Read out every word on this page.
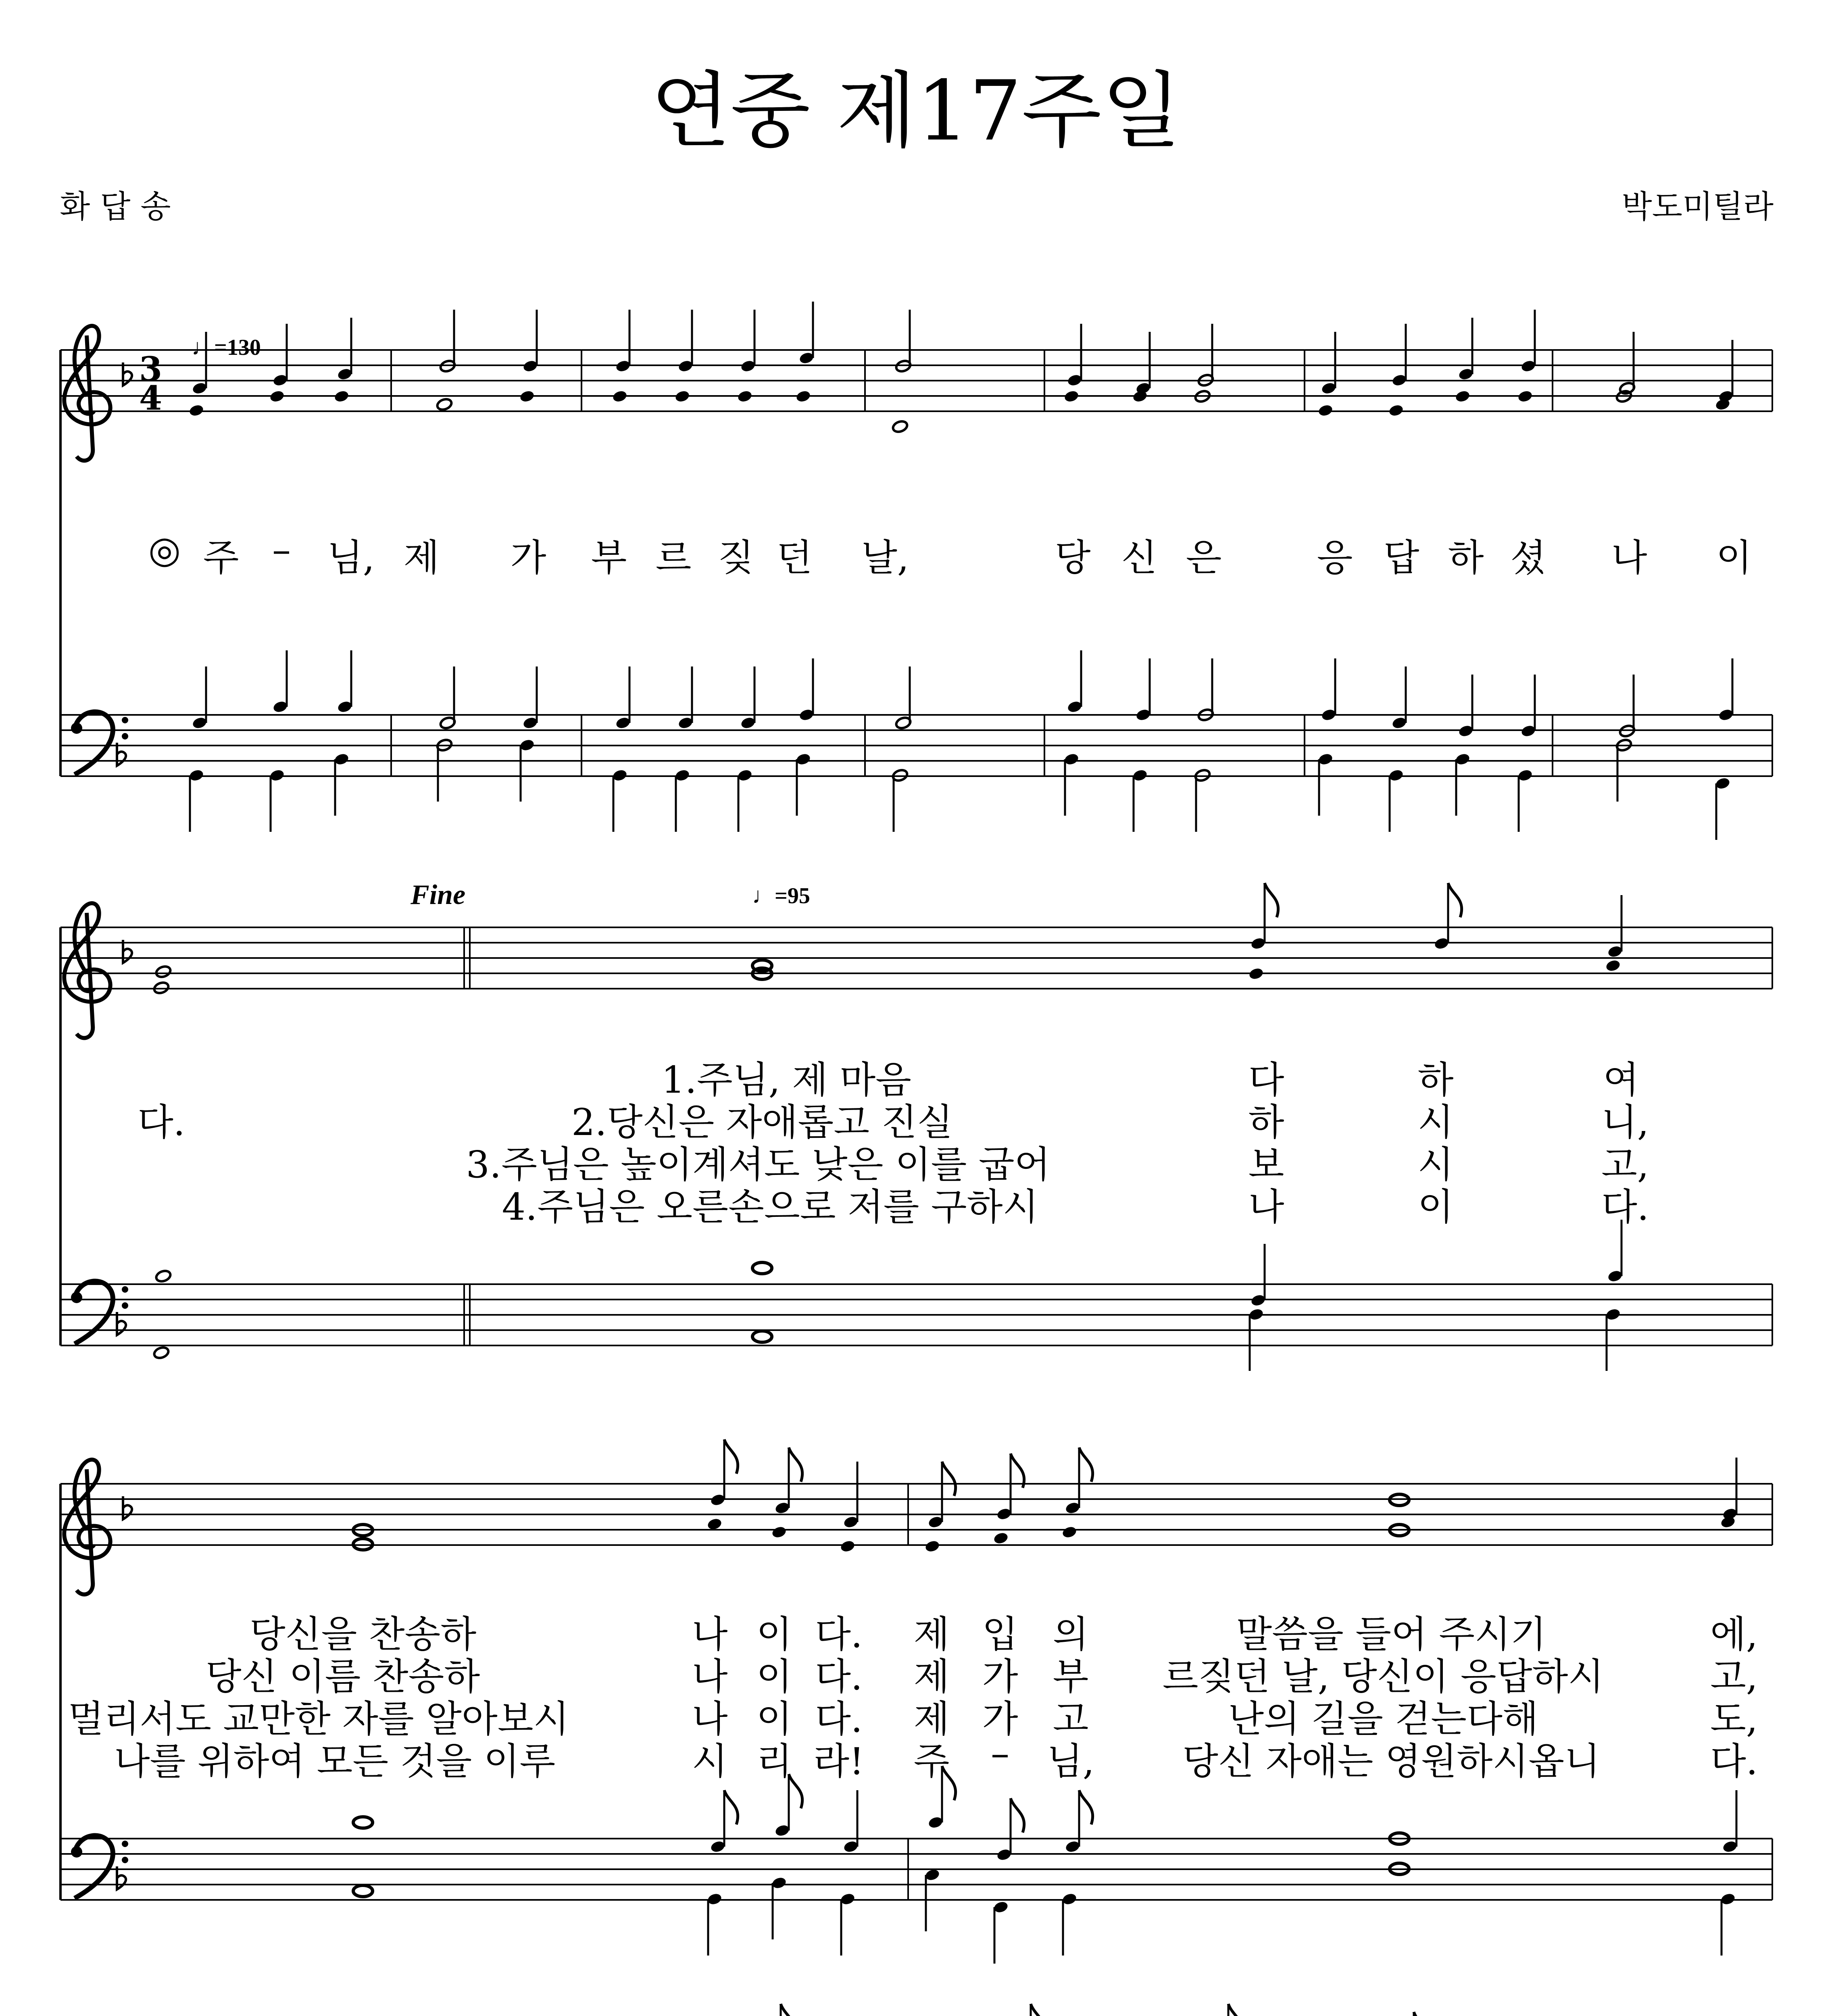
연중 제17주일
화 답 송	박도미틸라
3
4
♩=130
Fine	♩=95
◎ 주 – 님, 제 가 부 르 짖 던 날,	당 신 은	응 답 하 셨 나 이
다.
1.주님, 제 마음
2.당신은 자애롭고 진실
3.주님은 높이계셔도 낮은 이를 굽어
4.주님은 오른손으로 저를 구하시
다	하	여
하	시	니,
보	시	고,
나	이	다.
당신을 찬송하
당신 이름 찬송하
멀리서도 교만한 자를 알아보시
나를 위하여 모든 것을 이루
나 이 다. 제 입 의	말씀을 들어 주시기	에,
나 이 다. 제 가 부 르짖던 날, 당신이 응답하시	고,
나 이 다. 제 가 고	난의 길을 걷는다해	도,
시 리 라! 주 – 님, 당신 자애는 영원하시옵니	다.
